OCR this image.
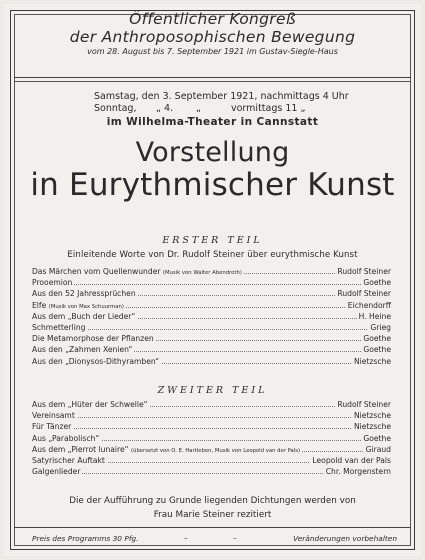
Öffentlicher Kongreß
der Anthroposophischen Bewegung
vom 28. August bis 7. September 1921 im Gustav-Siegle-Haus
Samstag, den 3. September 1921, nachmittags 4 Uhr
Sonntag, „ 4. „	vormittags 11 „
im Wilhelma-Theater in Cannstatt
Vorstellung
in Eurythmischer Kunst
ERSTER TEIL
Einleitende Worte von Dr. Rudolf Steiner über eurythmische Kunst
Das Märchen vom Quellenwunder (Musik von Walter Abendroth)	Rudolf Steiner
Prooemion	Goethe
Aus den 52 Jahressprüchen	Rudolf Steiner
Elfe (Musik von Max Schuurman)	Eichendorff
Aus dem „Buch der Lieder“	H. Heine
Schmetterling	Grieg
Die Metamorphose der Pflanzen	Goethe
Aus den „Zahmen Xenien“	Goethe
Aus den „Dionysos-Dithyramben“	Nietzsche
ZWEITER TEIL
Aus dem „Hüter der Schwelle“	Rudolf Steiner
Vereinsamt	Nietzsche
Für Tänzer	Nietzsche
Aus „Parabolisch“	Goethe
Aus dem „Pierrot lunaire“ (übersetzt von O. E. Hartleben, Musik von Leopold van der Pals)	Giraud
Satyrischer Auftakt	Leopold van der Pals
Galgenlieder	Chr. Morgenstern
Die der Aufführung zu Grunde liegenden Dichtungen werden von
Frau Marie Steiner rezitiert
Preis des Programms 30 Pfg.	–	–	Veränderungen vorbehalten
